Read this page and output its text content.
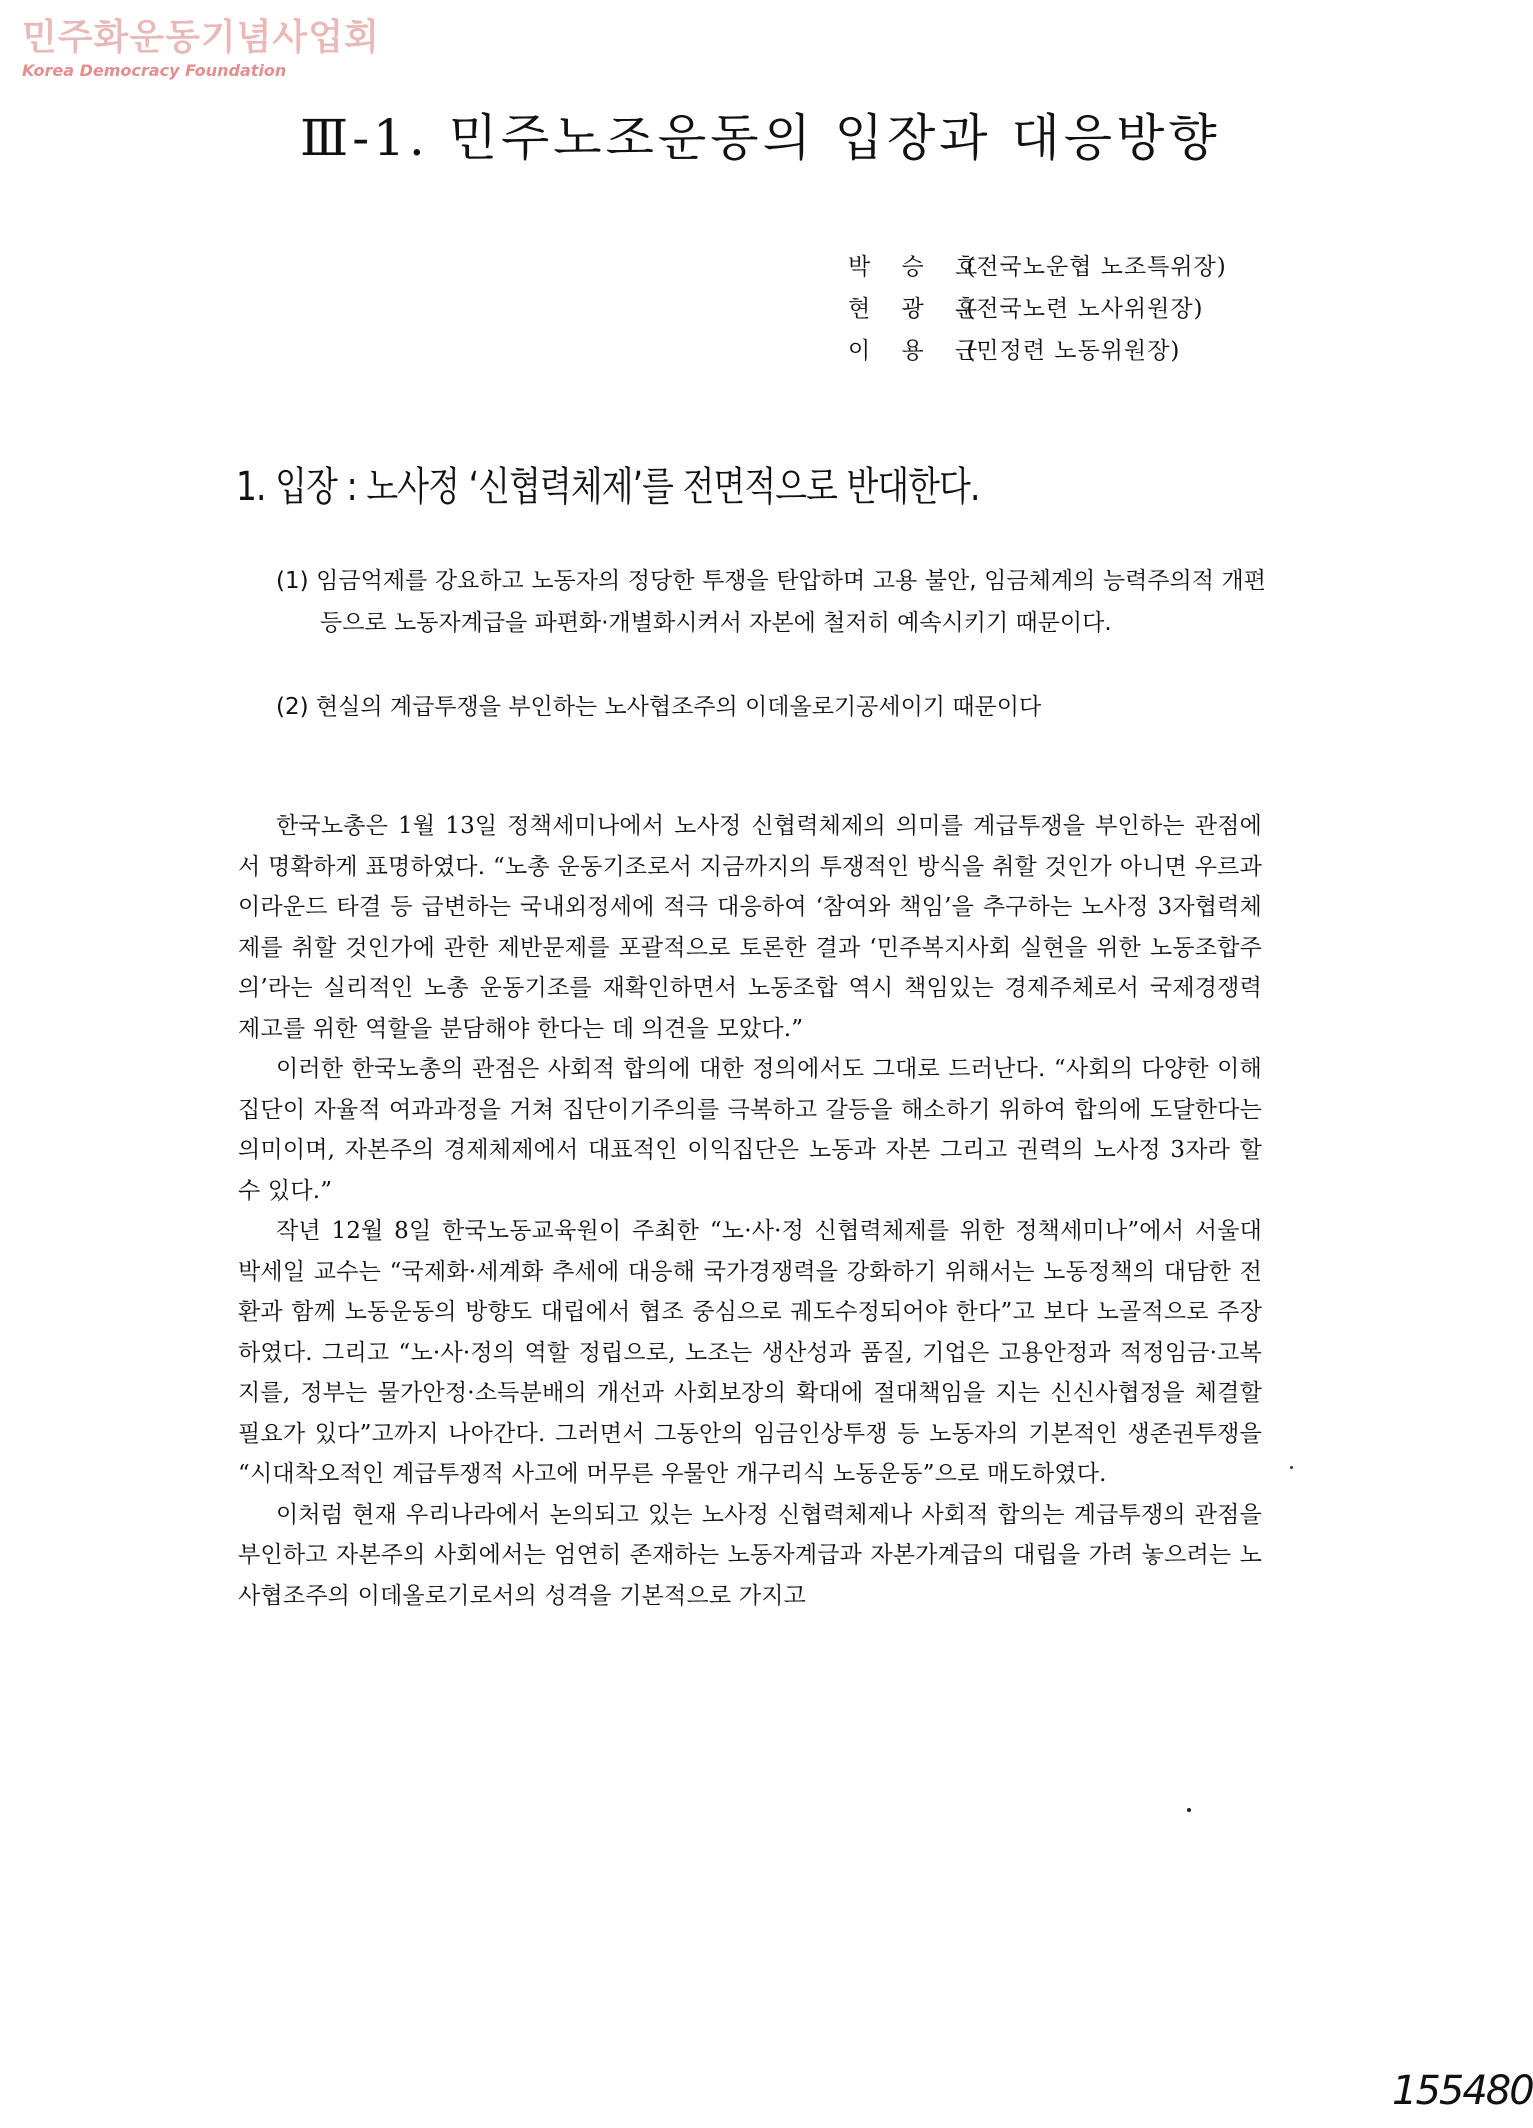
민주화운동기념사업회
Korea Democracy Foundation
Ⅲ-1. 민주노조운동의 입장과 대응방향
박 승 호 (전국노운협 노조특위장)
현 광 훈 (전국노련 노사위원장)
이 용 근 (민정련 노동위원장)
1. 입장 : 노사정 ‘신협력체제’를 전면적으로 반대한다.
(1) 임금억제를 강요하고 노동자의 정당한 투쟁을 탄압하며 고용 불안, 임금체계의 능력주의적 개편 등으로 노동자계급을 파편화·개별화시켜서 자본에 철저히 예속시키기 때문이다.
(2) 현실의 계급투쟁을 부인하는 노사협조주의 이데올로기공세이기 때문이다

한국노총은 1월 13일 정책세미나에서 노사정 신협력체제의 의미를 계급투쟁을 부인하는 관점에서 명확하게 표명하였다. “노총 운동기조로서 지금까지의 투쟁적인 방식을 취할 것인가 아니면 우르과이라운드 타결 등 급변하는 국내외정세에 적극 대응하여 ‘참여와 책임’을 추구하는 노사정 3자협력체제를 취할 것인가에 관한 제반문제를 포괄적으로 토론한 결과 ‘민주복지사회 실현을 위한 노동조합주의’라는 실리적인 노총 운동기조를 재확인하면서 노동조합 역시 책임있는 경제주체로서 국제경쟁력 제고를 위한 역할을 분담해야 한다는 데 의견을 모았다.”

이러한 한국노총의 관점은 사회적 합의에 대한 정의에서도 그대로 드러난다. “사회의 다양한 이해집단이 자율적 여과과정을 거쳐 집단이기주의를 극복하고 갈등을 해소하기 위하여 합의에 도달한다는 의미이며, 자본주의 경제체제에서 대표적인 이익집단은 노동과 자본 그리고 권력의 노사정 3자라 할 수 있다.”

작년 12월 8일 한국노동교육원이 주최한 “노·사·정 신협력체제를 위한 정책세미나”에서 서울대 박세일 교수는 “국제화·세계화 추세에 대응해 국가경쟁력을 강화하기 위해서는 노동정책의 대담한 전환과 함께 노동운동의 방향도 대립에서 협조 중심으로 궤도수정되어야 한다”고 보다 노골적으로 주장하였다. 그리고 “노·사·정의 역할 정립으로, 노조는 생산성과 품질, 기업은 고용안정과 적정임금·고복지를, 정부는 물가안정·소득분배의 개선과 사회보장의 확대에 절대책임을 지는 신신사협정을 체결할 필요가 있다”고까지 나아간다. 그러면서 그동안의 임금인상투쟁 등 노동자의 기본적인 생존권투쟁을 “시대착오적인 계급투쟁적 사고에 머무른 우물안 개구리식 노동운동”으로 매도하였다.

이처럼 현재 우리나라에서 논의되고 있는 노사정 신협력체제나 사회적 합의는 계급투쟁의 관점을 부인하고 자본주의 사회에서는 엄연히 존재하는 노동자계급과 자본가계급의 대립을 가려 놓으려는 노사협조주의 이데올로기로서의 성격을 기본적으로 가지고

155480
